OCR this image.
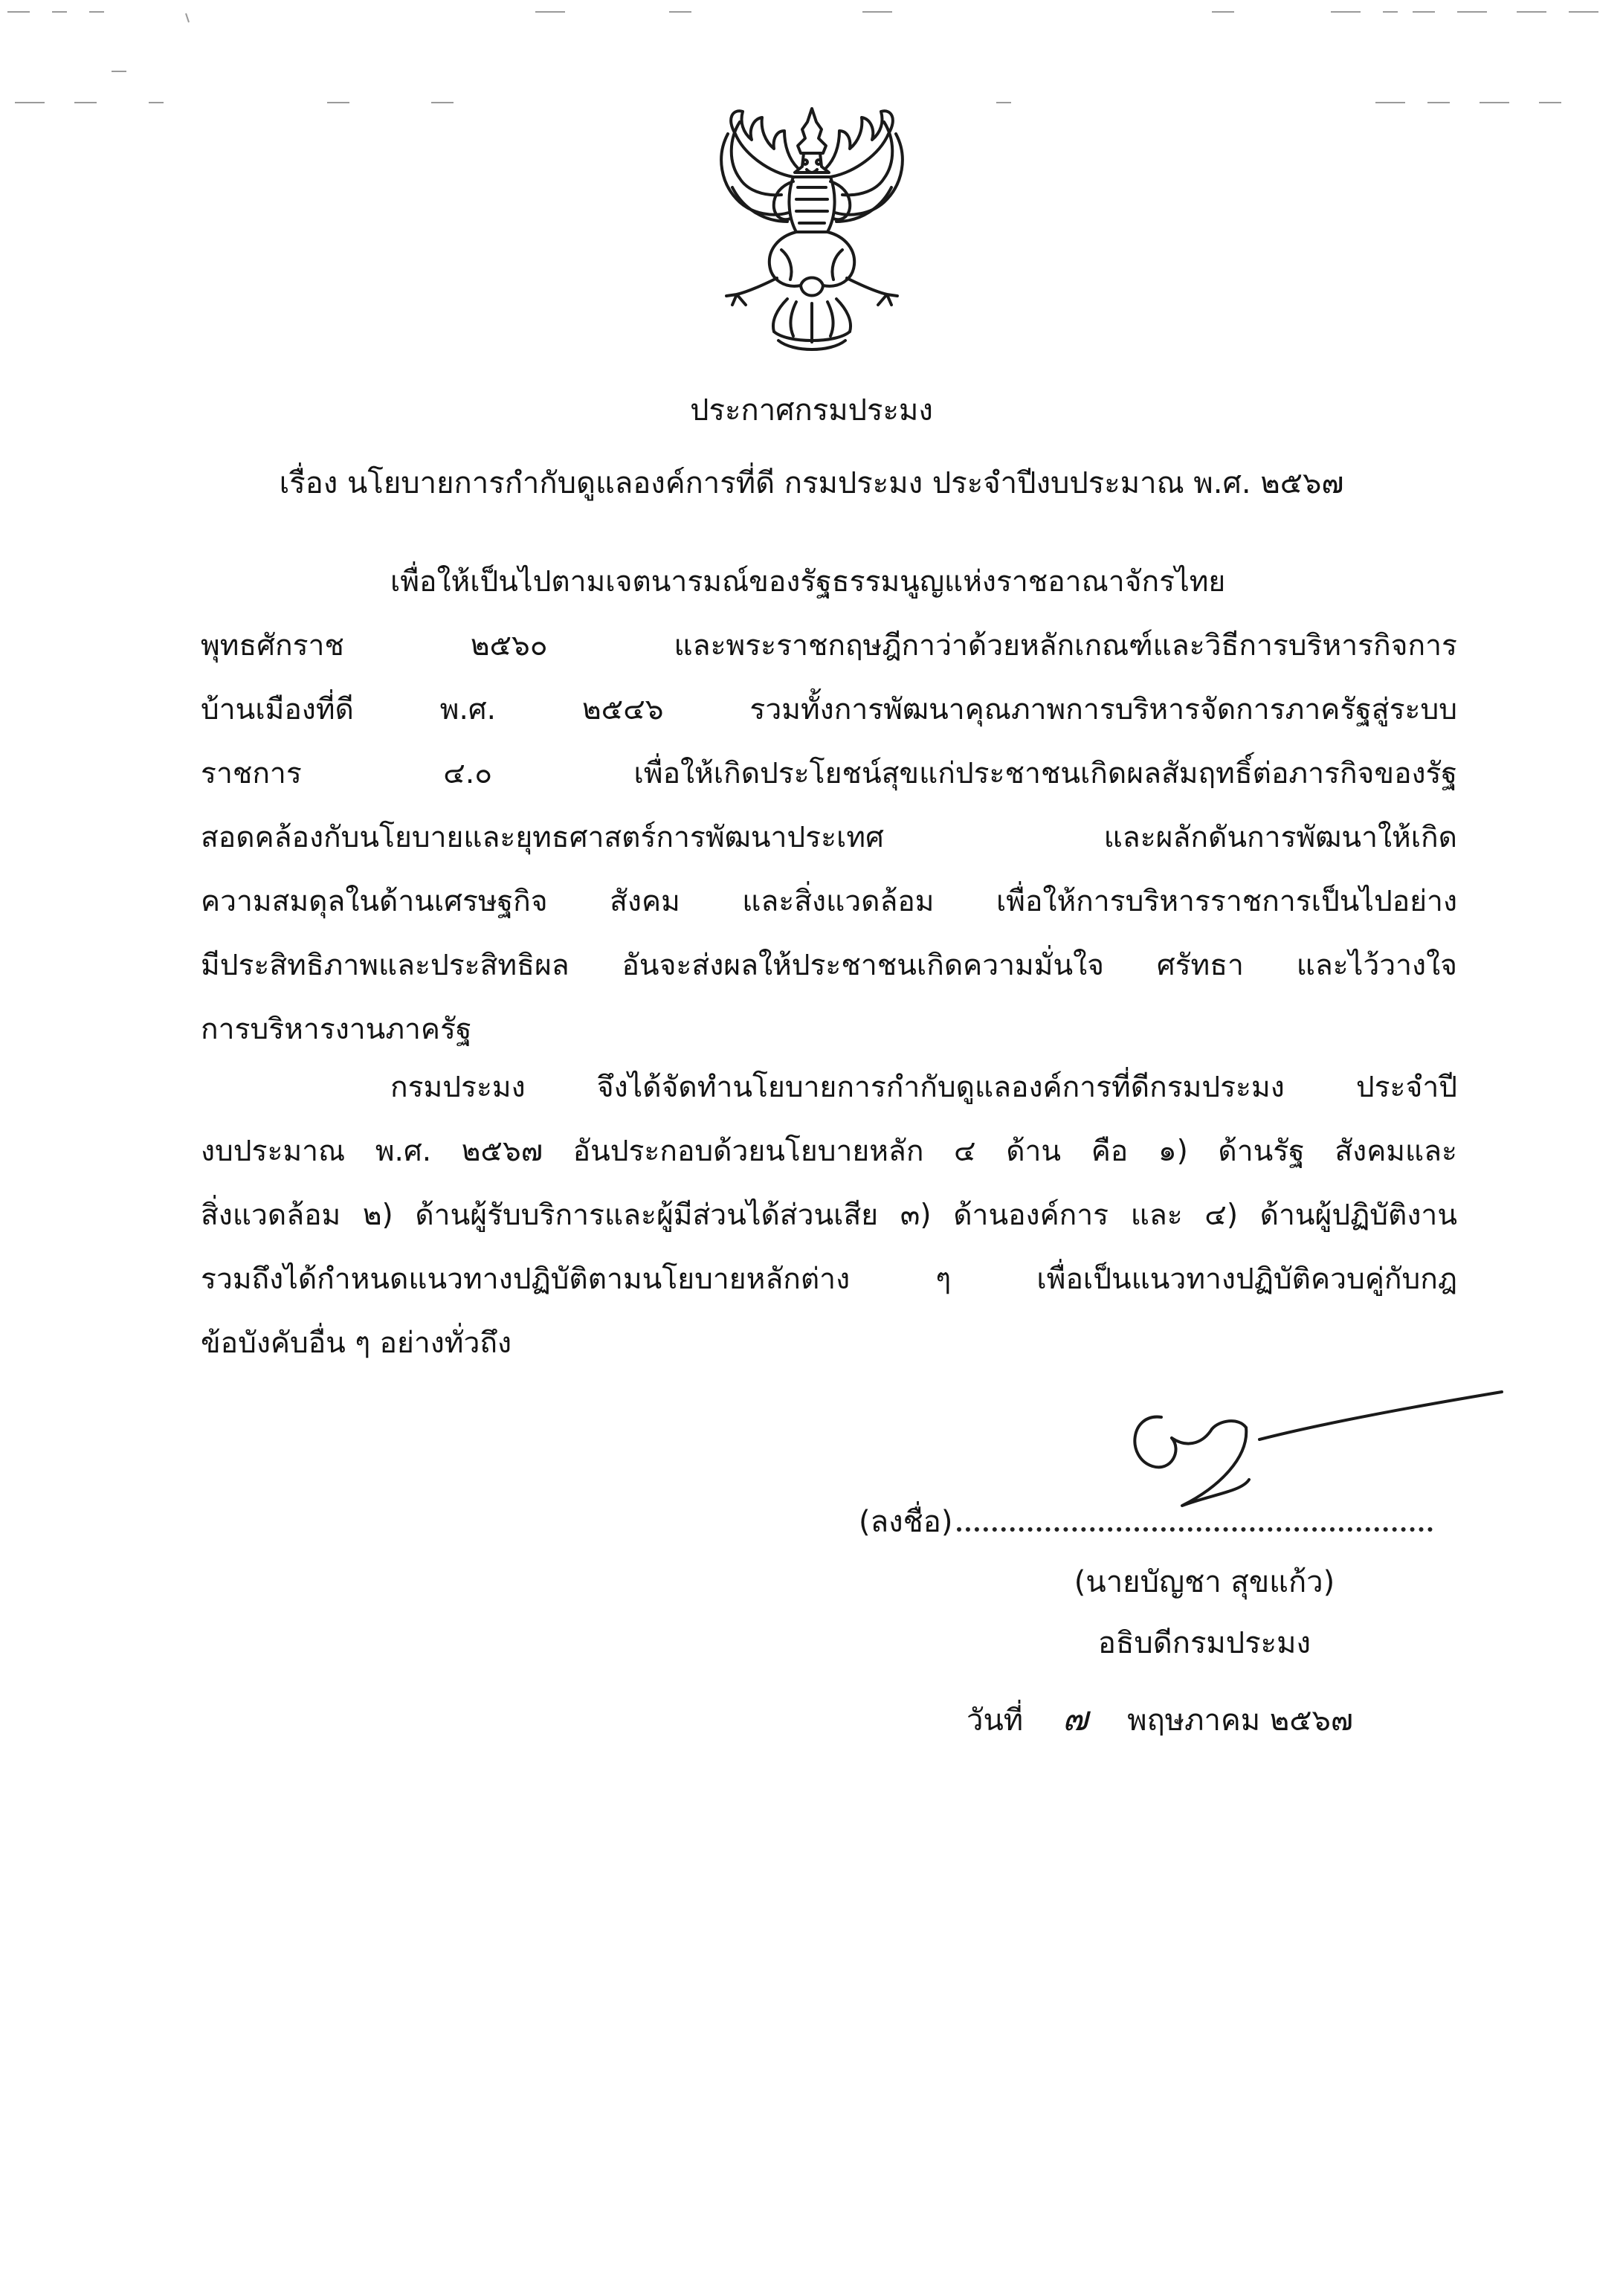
ประกาศกรมประมง
เรื่อง นโยบายการกำกับดูแลองค์การที่ดี กรมประมง ประจำปีงบประมาณ พ.ศ. ๒๕๖๗
เพื่อให้เป็นไปตามเจตนารมณ์ของรัฐธรรมนูญแห่งราชอาณาจักรไทย
พุทธศักราช ๒๕๖๐ และพระราชกฤษฎีกาว่าด้วยหลักเกณฑ์และวิธีการบริหารกิจการ
บ้านเมืองที่ดี พ.ศ. ๒๕๔๖ รวมทั้งการพัฒนาคุณภาพการบริหารจัดการภาครัฐสู่ระบบ
ราชการ ๔.๐ เพื่อให้เกิดประโยชน์สุขแก่ประชาชนเกิดผลสัมฤทธิ์ต่อภารกิจของรัฐ
สอดคล้องกับนโยบายและยุทธศาสตร์การพัฒนาประเทศ และผลักดันการพัฒนาให้เกิด
ความสมดุลในด้านเศรษฐกิจ สังคม และสิ่งแวดล้อม เพื่อให้การบริหารราชการเป็นไปอย่าง
มีประสิทธิภาพและประสิทธิผล อันจะส่งผลให้ประชาชนเกิดความมั่นใจ ศรัทธา และไว้วางใจ
การบริหารงานภาครัฐ
กรมประมง จึงได้จัดทำนโยบายการกำกับดูแลองค์การที่ดีกรมประมง ประจำปี
งบประมาณ พ.ศ. ๒๕๖๗ อันประกอบด้วยนโยบายหลัก ๔ ด้าน คือ ๑) ด้านรัฐ สังคมและ
สิ่งแวดล้อม ๒) ด้านผู้รับบริการและผู้มีส่วนได้ส่วนเสีย ๓) ด้านองค์การ และ ๔) ด้านผู้ปฏิบัติงาน
รวมถึงได้กำหนดแนวทางปฏิบัติตามนโยบายหลักต่าง ๆ เพื่อเป็นแนวทางปฏิบัติควบคู่กับกฎ
ข้อบังคับอื่น ๆ อย่างทั่วถึง
(ลงชื่อ)
(นายบัญชา สุขแก้ว)
อธิบดีกรมประมง
วันที่ ๗ พฤษภาคม ๒๕๖๗
